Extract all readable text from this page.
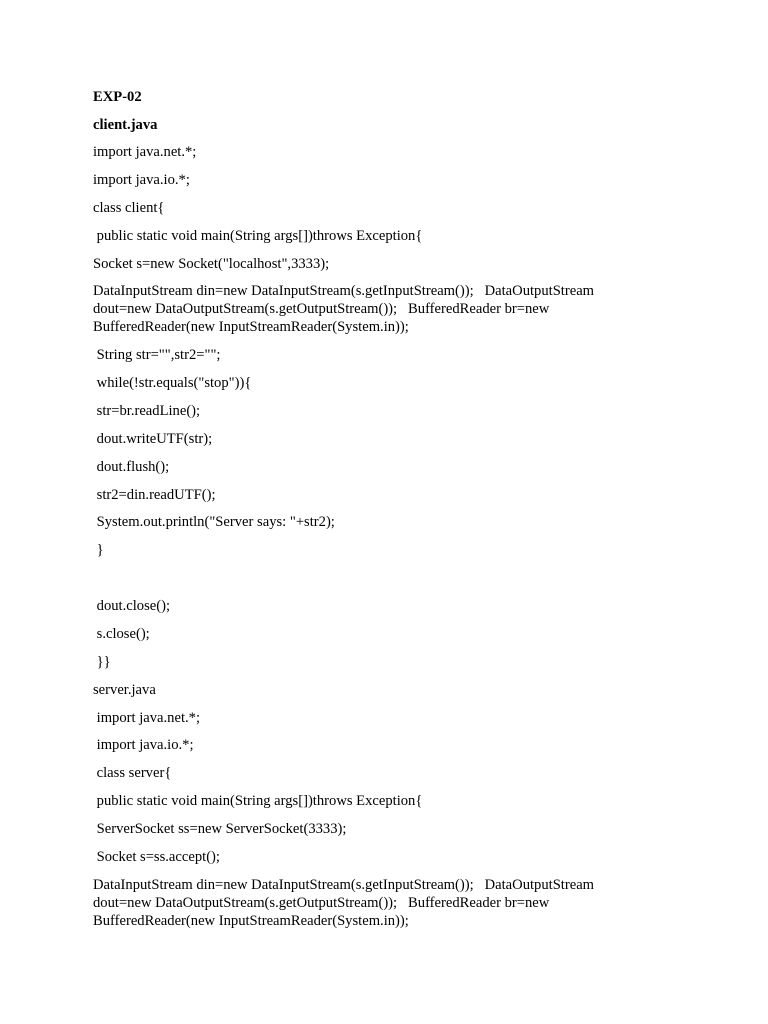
EXP-02

client.java

import java.net.*;

import java.io.*;

class client{

public static void main(String args[])throws Exception{

Socket s=new Socket("localhost",3333);

DataInputStream din=new DataInputStream(s.getInputStream());   DataOutputStream
dout=new DataOutputStream(s.getOutputStream());   BufferedReader br=new
BufferedReader(new InputStreamReader(System.in));

String str="",str2="";

while(!str.equals("stop")){

str=br.readLine();

dout.writeUTF(str);

dout.flush();

str2=din.readUTF();

System.out.println("Server says: "+str2);

}

dout.close();

s.close();

}}

server.java

import java.net.*;

import java.io.*;

class server{

public static void main(String args[])throws Exception{

ServerSocket ss=new ServerSocket(3333);

Socket s=ss.accept();

DataInputStream din=new DataInputStream(s.getInputStream());   DataOutputStream
dout=new DataOutputStream(s.getOutputStream());   BufferedReader br=new
BufferedReader(new InputStreamReader(System.in));
